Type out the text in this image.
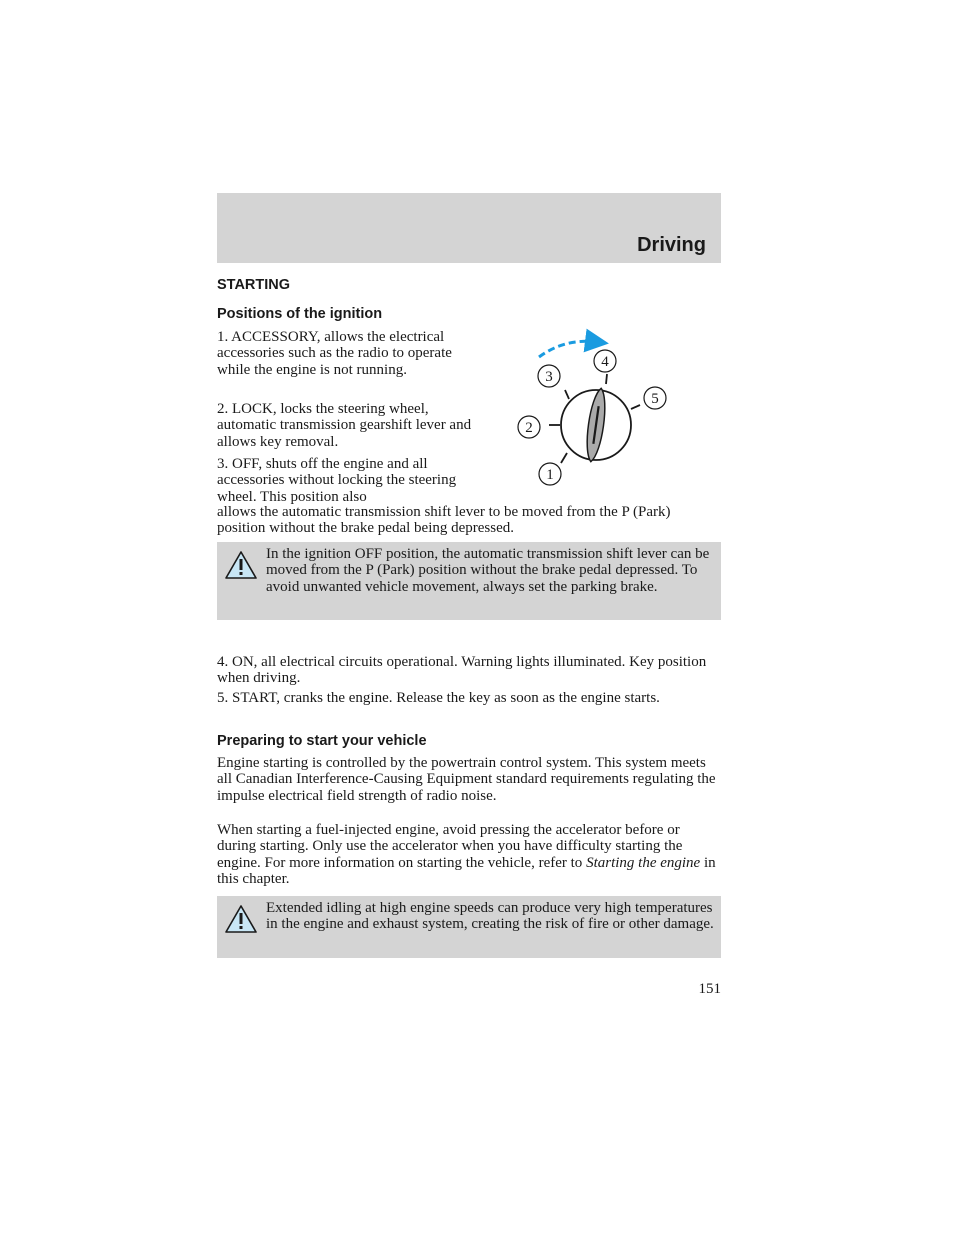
Driving
STARTING
Positions of the ignition

1. ACCESSORY, allows the electrical accessories such as the radio to operate while the engine is not running.

2. LOCK, locks the steering wheel, automatic transmission gearshift lever and allows key removal.

3. OFF, shuts off the engine and all accessories without locking the steering wheel. This position also

allows the automatic transmission shift lever to be moved from the P (Park) position without the brake pedal being depressed.

1
2
3
4
5

In the ignition OFF position, the automatic transmission shift lever can be moved from the P (Park) position without the brake pedal depressed. To avoid unwanted vehicle movement, always set the parking brake.

4. ON, all electrical circuits operational. Warning lights illuminated. Key position when driving.

5. START, cranks the engine. Release the key as soon as the engine starts.

Preparing to start your vehicle

Engine starting is controlled by the powertrain control system. This system meets all Canadian Interference-Causing Equipment standard requirements regulating the impulse electrical field strength of radio noise.

When starting a fuel-injected engine, avoid pressing the accelerator before or during starting. Only use the accelerator when you have difficulty starting the engine. For more information on starting the vehicle, refer to Starting the engine in this chapter.

Extended idling at high engine speeds can produce very high temperatures in the engine and exhaust system, creating the risk of fire or other damage.

151
